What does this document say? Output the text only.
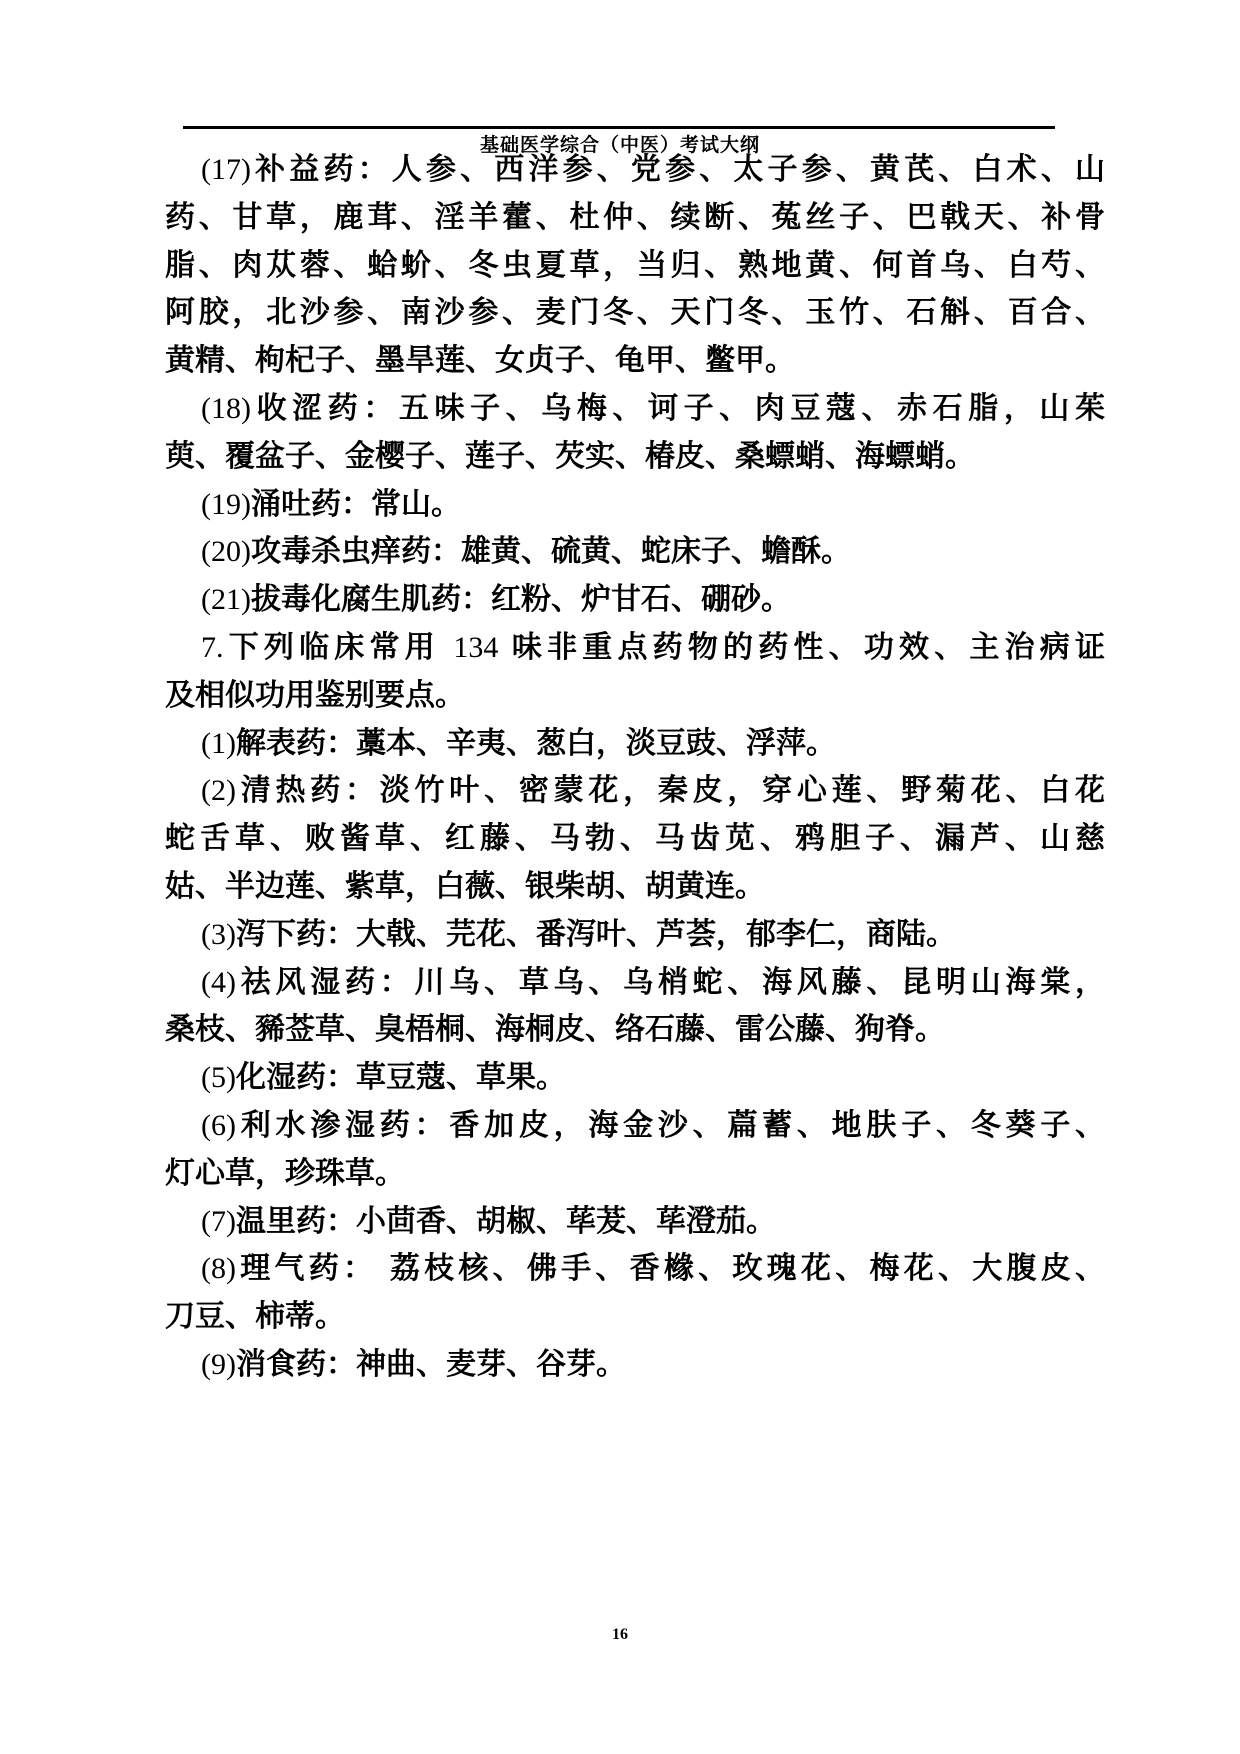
基础医学综合（中医）考试大纲
(17)补益药：人参、西洋参、党参、太子参、黄芪、白术、山
药、甘草，鹿茸、淫羊藿、杜仲、续断、菟丝子、巴戟天、补骨
脂、肉苁蓉、蛤蚧、冬虫夏草，当归、熟地黄、何首乌、白芍、
阿胶，北沙参、南沙参、麦门冬、天门冬、玉竹、石斛、百合、
黄精、枸杞子、墨旱莲、女贞子、龟甲、鳖甲。
(18)收涩药：五味子、乌梅、诃子、肉豆蔻、赤石脂，山茱
萸、覆盆子、金樱子、莲子、芡实、椿皮、桑螵蛸、海螵蛸。
(19)涌吐药：常山。
(20)攻毒杀虫痒药：雄黄、硫黄、蛇床子、蟾酥。
(21)拔毒化腐生肌药：红粉、炉甘石、硼砂。
7.下列临床常用 134 味非重点药物的药性、功效、主治病证
及相似功用鉴别要点。
(1)解表药：藁本、辛夷、葱白，淡豆豉、浮萍。
(2)清热药：淡竹叶、密蒙花，秦皮，穿心莲、野菊花、白花
蛇舌草、败酱草、红藤、马勃、马齿苋、鸦胆子、漏芦、山慈
姑、半边莲、紫草，白薇、银柴胡、胡黄连。
(3)泻下药：大戟、芫花、番泻叶、芦荟，郁李仁，商陆。
(4)祛风湿药：川乌、草乌、乌梢蛇、海风藤、昆明山海棠，
桑枝、豨莶草、臭梧桐、海桐皮、络石藤、雷公藤、狗脊。
(5)化湿药：草豆蔻、草果。
(6)利水渗湿药：香加皮，海金沙、萹蓄、地肤子、冬葵子、
灯心草，珍珠草。
(7)温里药：小茴香、胡椒、荜茇、荜澄茄。
(8)理气药： 荔枝核、佛手、香橼、玫瑰花、梅花、大腹皮、
刀豆、柿蒂。
(9)消食药：神曲、麦芽、谷芽。
16
